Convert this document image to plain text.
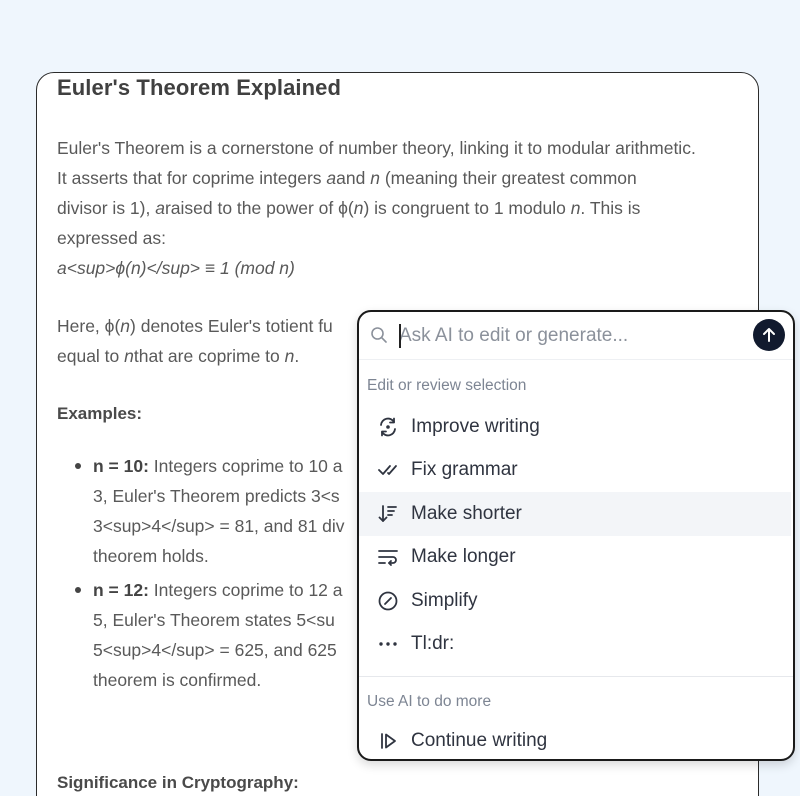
Euler's Theorem Explained

Euler's Theorem is a cornerstone of number theory, linking it to modular arithmetic.

It asserts that for coprime integers aand n (meaning their greatest common

divisor is 1), araised to the power of ϕ(n) is congruent to 1 modulo n. This is

expressed as:

a<sup>ϕ(n)</sup> ≡ 1 (mod n)

Here, ϕ(n) denotes Euler's totient fu

equal to nthat are coprime to n.

Examples:

n = 10: Integers coprime to 10 a
3, Euler's Theorem predicts 3<s
3<sup>4</sup> = 81, and 81 div
theorem holds.
n = 12: Integers coprime to 12 a
5, Euler's Theorem states 5<su
5<sup>4</sup> = 625, and 625
theorem is confirmed.
Significance in Cryptography:
Ask AI to edit or generate...
Edit or review selection
Improve writing
Fix grammar
Make shorter
Make longer
Simplify
Tl:dr:
Use AI to do more
Continue writing
